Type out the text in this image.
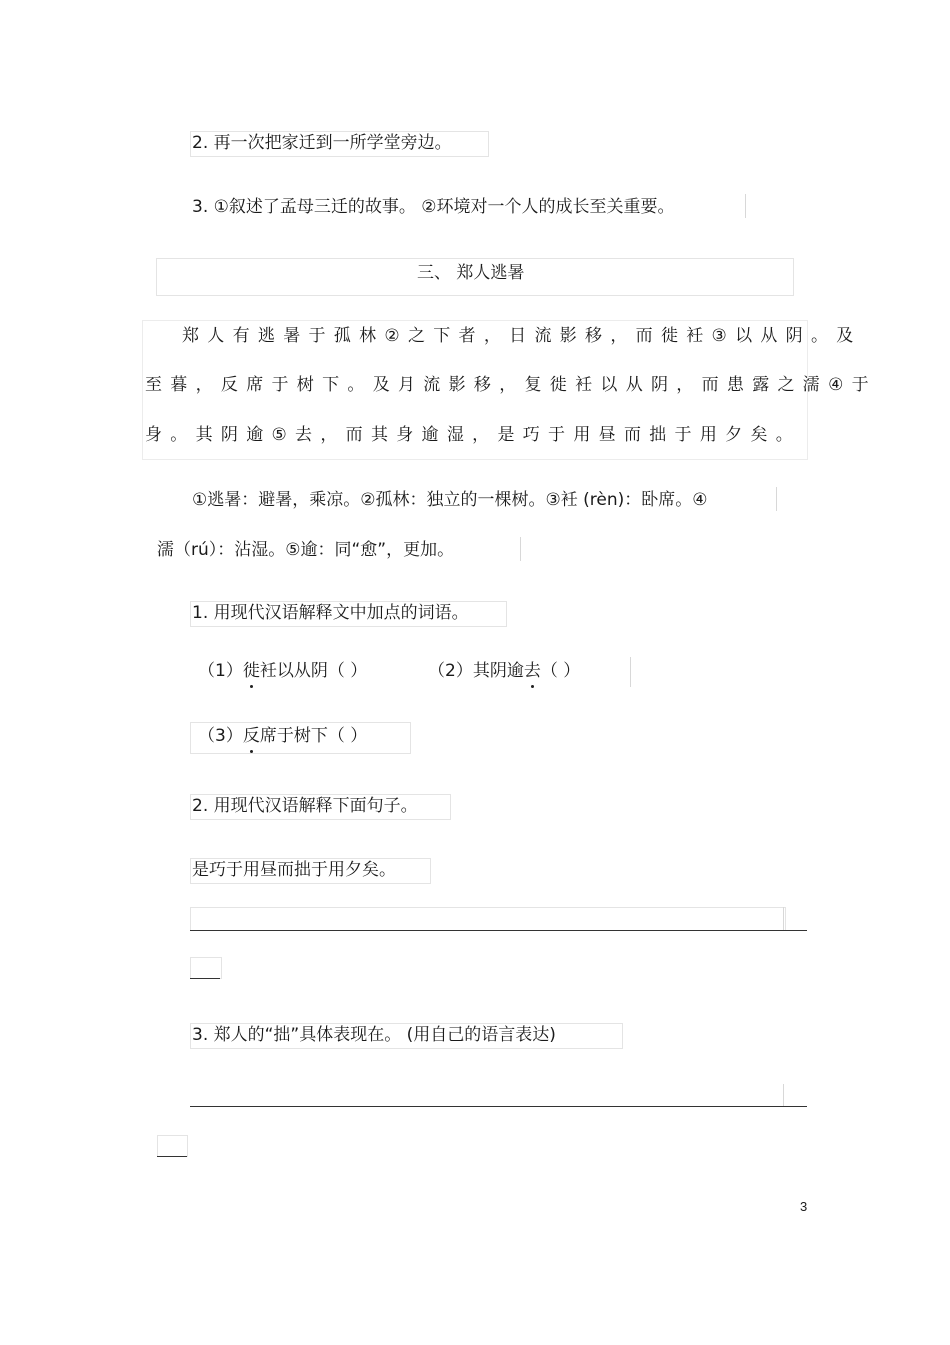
2. 再一次把家迁到一所学堂旁边。
3. ①叙述了孟母三迁的故事。 ②环境对一个人的成长至关重要。
三、 郑人逃暑
郑人有逃暑于孤林②之下者，日流影移，而徙衽③以从阴。及
至暮，反席于树下。及月流影移，复徙衽以从阴，而患露之濡④于
身。其阴逾⑤去，而其身逾湿，是巧于用昼而拙于用夕矣。
①逃暑：避暑，乘凉。②孤林：独立的一棵树。③衽 (rèn)：卧席。④
濡（rú）：沾湿。⑤逾：同“愈”，更加。
1. 用现代汉语解释文中加点的词语。
（1）徙衽以从阴（ ）	（2）其阴逾去（ ）
（3）反席于树下（ ）
2. 用现代汉语解释下面句子。
是巧于用昼而拙于用夕矣。
3. 郑人的“拙”具体表现在。 (用自己的语言表达)
3
